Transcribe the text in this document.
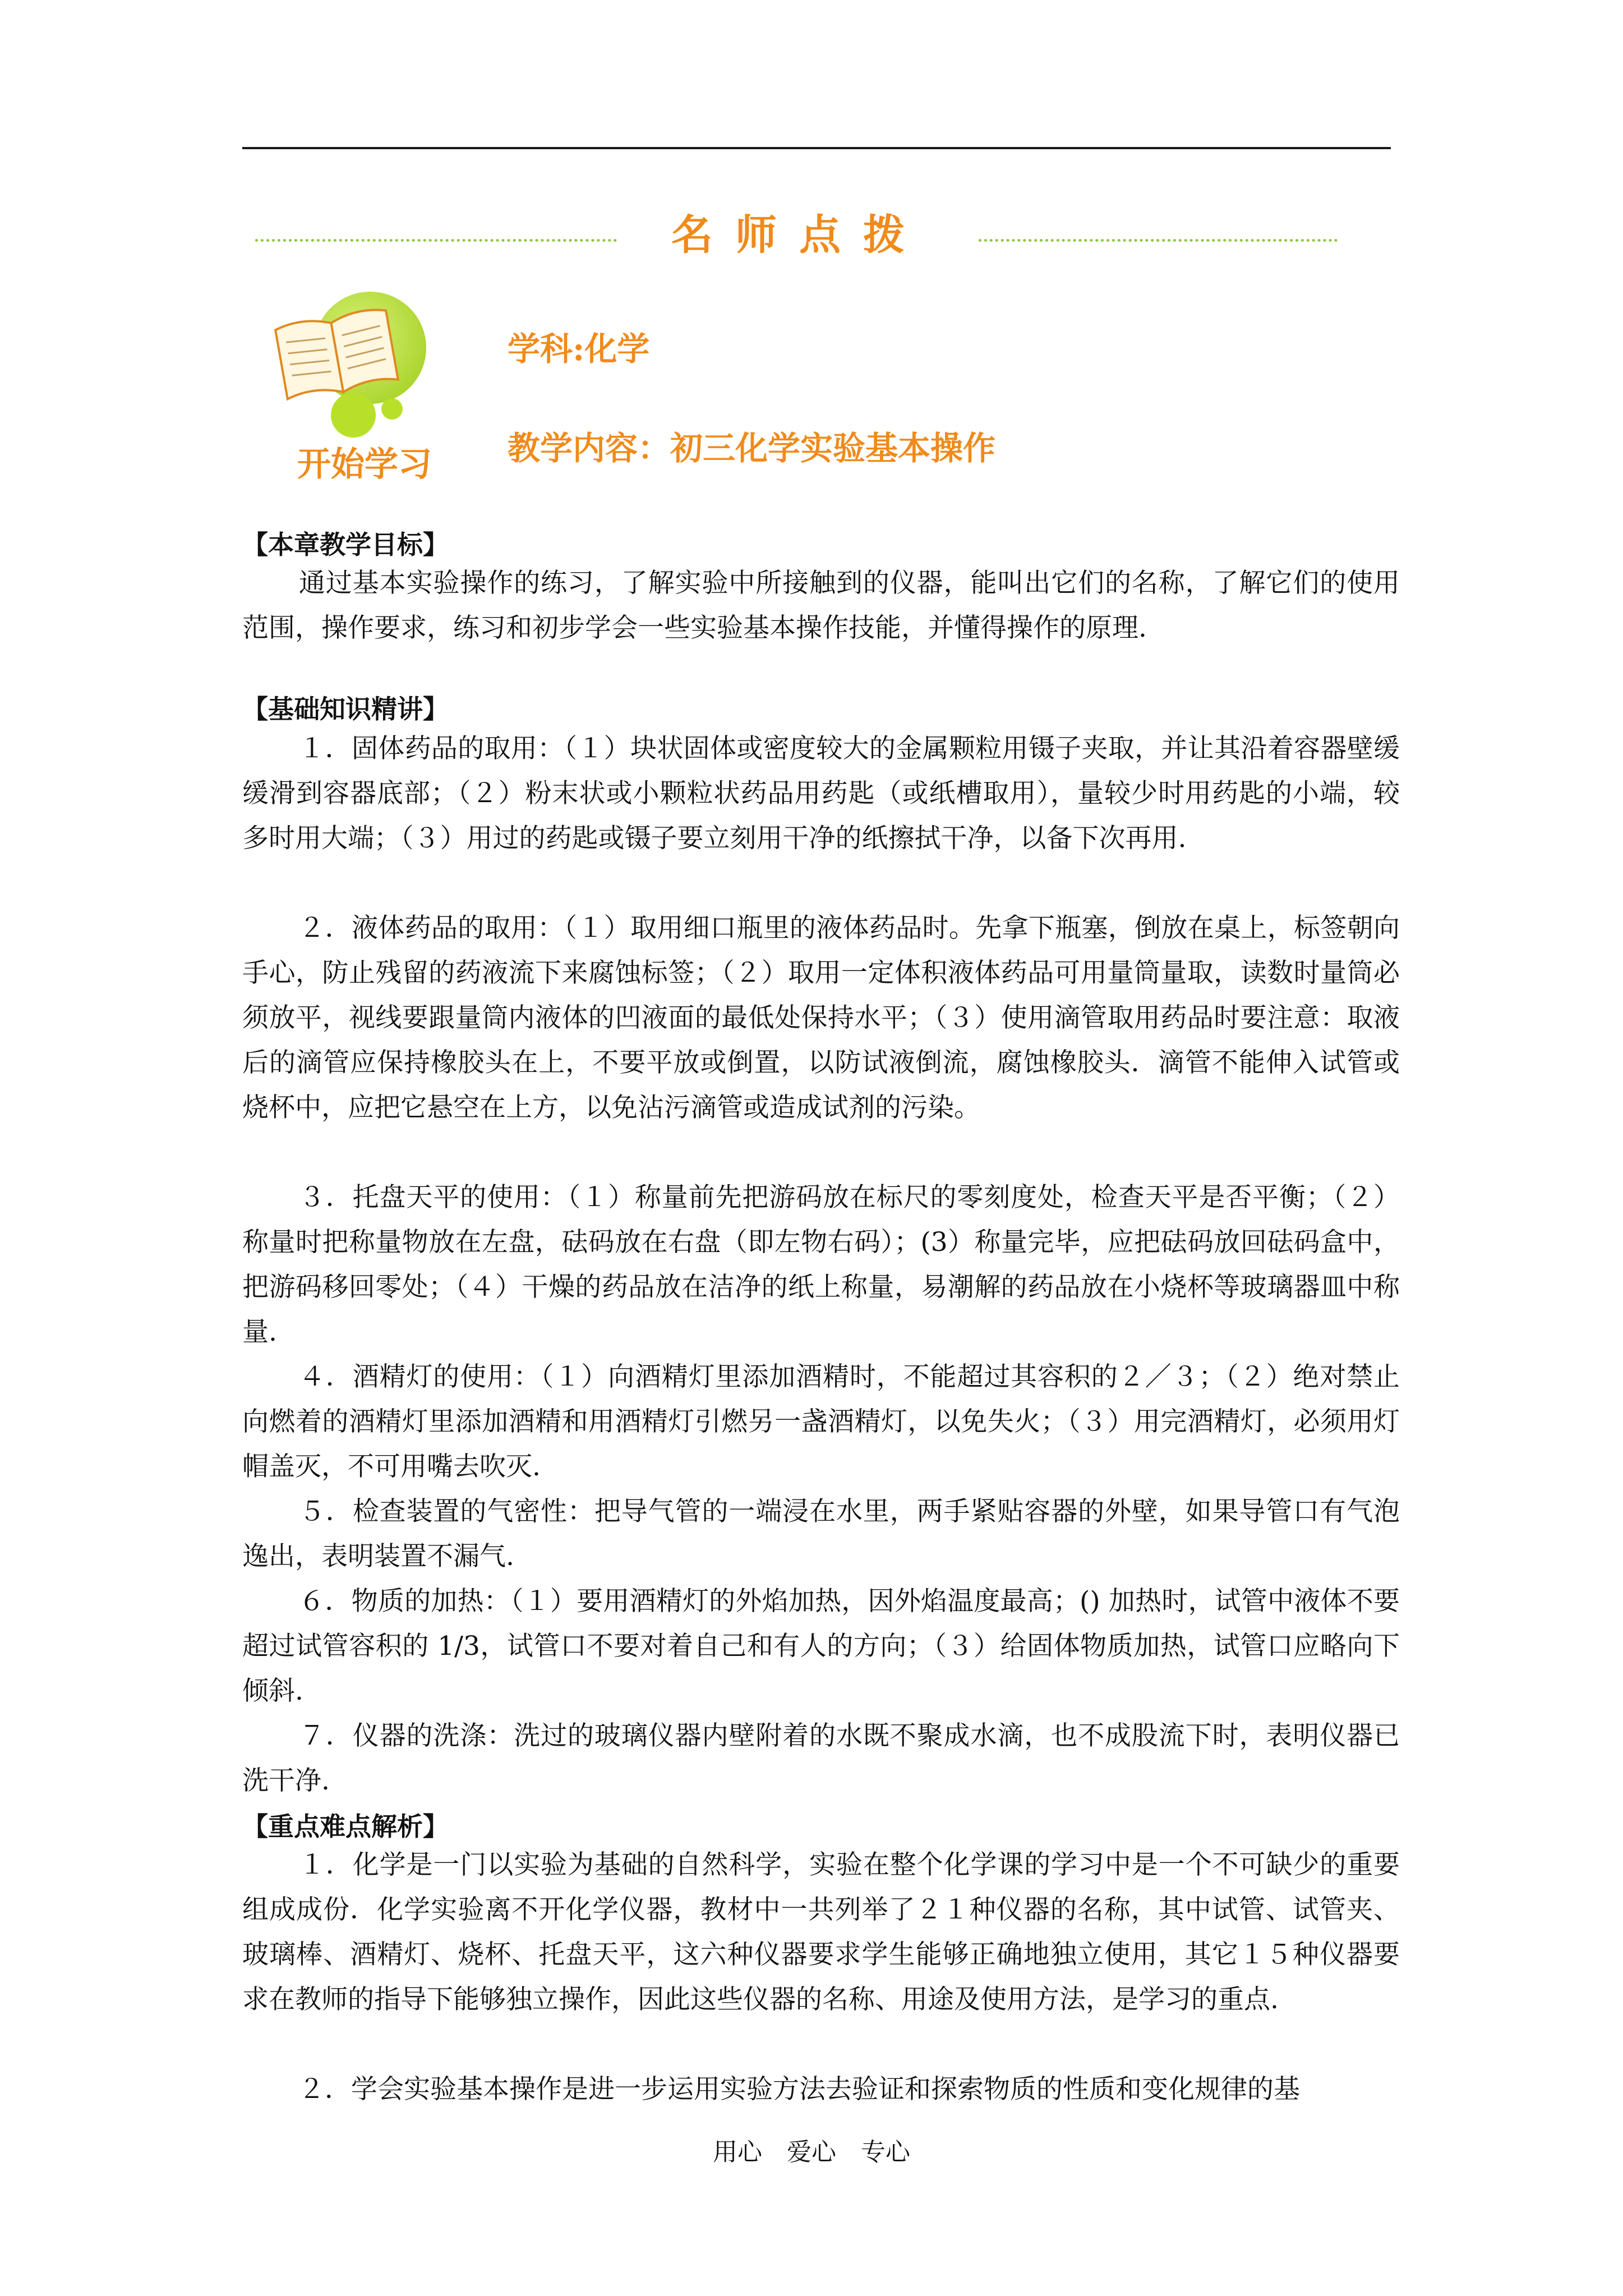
名师点拨
开始学习
学科:化学
教学内容：初三化学实验基本操作
【本章教学目标】
通过基本实验操作的练习，了解实验中所接触到的仪器，能叫出它们的名称，了解它们的使用范围，操作要求，练习和初步学会一些实验基本操作技能，并懂得操作的原理.
【基础知识精讲】
１．固体药品的取用：（１）块状固体或密度较大的金属颗粒用镊子夹取，并让其沿着容器壁缓缓滑到容器底部；（２）粉末状或小颗粒状药品用药匙（或纸槽取用），量较少时用药匙的小端，较多时用大端；（３）用过的药匙或镊子要立刻用干净的纸擦拭干净，以备下次再用.
２．液体药品的取用：（１）取用细口瓶里的液体药品时。先拿下瓶塞，倒放在桌上，标签朝向手心，防止残留的药液流下来腐蚀标签；（２）取用一定体积液体药品可用量筒量取，读数时量筒必须放平，视线要跟量筒内液体的凹液面的最低处保持水平；（３）使用滴管取用药品时要注意：取液后的滴管应保持橡胶头在上，不要平放或倒置，以防试液倒流，腐蚀橡胶头．滴管不能伸入试管或烧杯中，应把它悬空在上方，以免沾污滴管或造成试剂的污染。
３．托盘天平的使用：（１）称量前先把游码放在标尺的零刻度处，检查天平是否平衡；（２）称量时把称量物放在左盘，砝码放在右盘（即左物右码）；(3）称量完毕，应把砝码放回砝码盒中，把游码移回零处；（４）干燥的药品放在洁净的纸上称量，易潮解的药品放在小烧杯等玻璃器皿中称量.
４．酒精灯的使用：（１）向酒精灯里添加酒精时，不能超过其容积的２／３；（２）绝对禁止向燃着的酒精灯里添加酒精和用酒精灯引燃另一盏酒精灯，以免失火；（３）用完酒精灯，必须用灯帽盖灭，不可用嘴去吹灭.
５．检查装置的气密性：把导气管的一端浸在水里，两手紧贴容器的外壁，如果导管口有气泡逸出，表明装置不漏气.
６．物质的加热：（１）要用酒精灯的外焰加热，因外焰温度最高；() 加热时，试管中液体不要超过试管容积的 1/3，试管口不要对着自己和有人的方向；（３）给固体物质加热，试管口应略向下倾斜.
７．仪器的洗涤：洗过的玻璃仪器内壁附着的水既不聚成水滴，也不成股流下时，表明仪器已洗干净.
【重点难点解析】
１．化学是一门以实验为基础的自然科学，实验在整个化学课的学习中是一个不可缺少的重要组成成份．化学实验离不开化学仪器，教材中一共列举了２１种仪器的名称，其中试管、试管夹、玻璃棒、酒精灯、烧杯、托盘天平，这六种仪器要求学生能够正确地独立使用，其它１５种仪器要求在教师的指导下能够独立操作，因此这些仪器的名称、用途及使用方法，是学习的重点.
２．学会实验基本操作是进一步运用实验方法去验证和探索物质的性质和变化规律的基
用心　爱心　专心
